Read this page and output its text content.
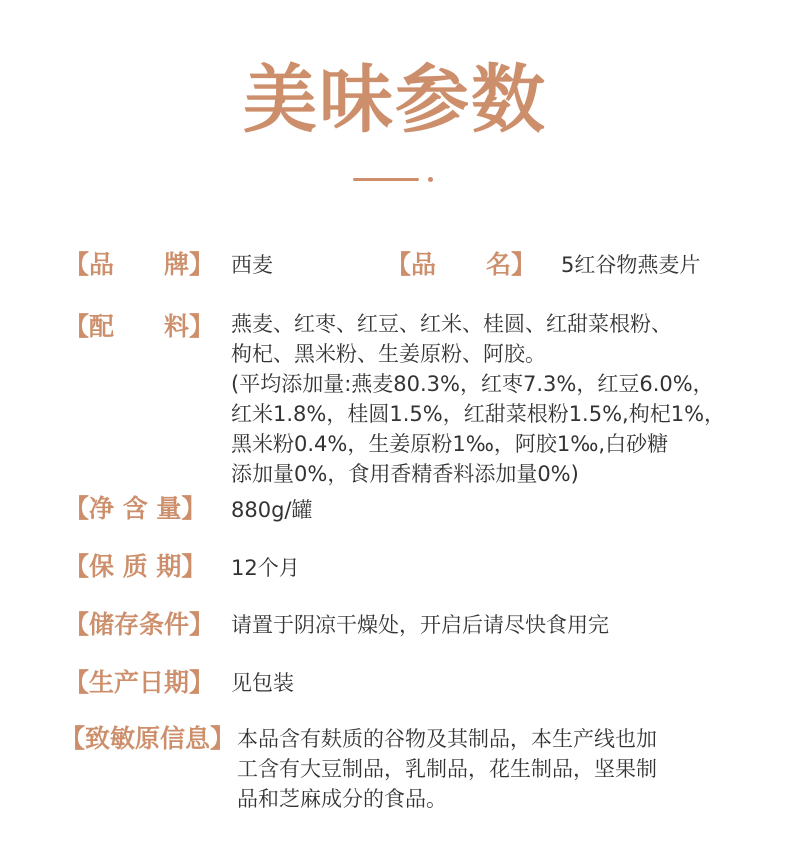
美味参数
【品　　牌】 西麦	【品　　名】 5红谷物燕麦片
【配　　料】 燕麦、红枣、红豆、红米、桂圆、红甜菜根粉、
枸杞、黑米粉、生姜原粉、阿胶。
(平均添加量:燕麦80.3%，红枣7.3%，红豆6.0%，
红米1.8%，桂圆1.5%，红甜菜根粉1.5%,枸杞1%，
黑米粉0.4%，生姜原粉1‰，阿胶1‰,白砂糖
添加量0%，食用香精香料添加量0%)
【净 含 量】 880g/罐
【保 质 期】 12个月
【储存条件】 请置于阴凉干燥处，开启后请尽快食用完
【生产日期】 见包装
【致敏原信息】 本品含有麸质的谷物及其制品，本生产线也加
工含有大豆制品，乳制品，花生制品，坚果制
品和芝麻成分的食品。
